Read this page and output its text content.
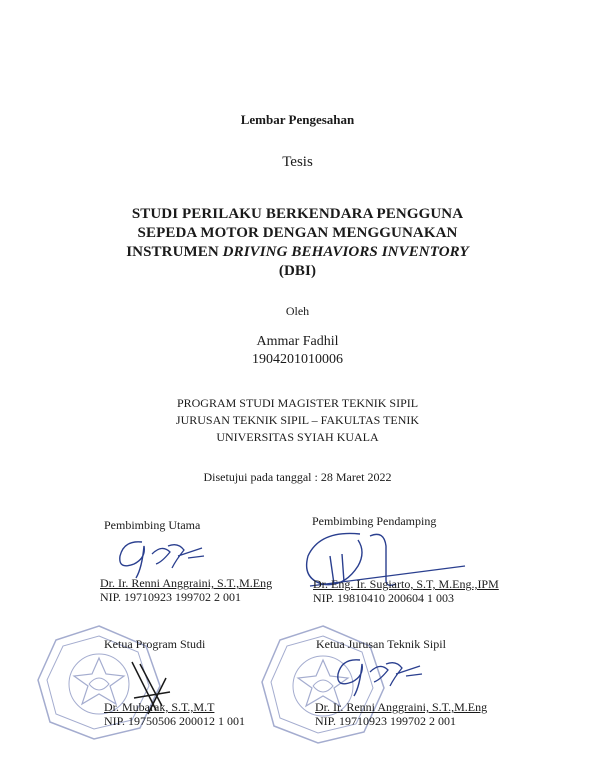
Lembar Pengesahan
Tesis
STUDI PERILAKU BERKENDARA PENGGUNA
SEPEDA MOTOR DENGAN MENGGUNAKAN
INSTRUMEN DRIVING BEHAVIORS INVENTORY
(DBI)
Oleh
Ammar Fadhil
1904201010006
PROGRAM STUDI MAGISTER TEKNIK SIPIL
JURUSAN TEKNIK SIPIL – FAKULTAS TENIK
UNIVERSITAS SYIAH KUALA
Disetujui pada tanggal : 28 Maret 2022
Pembimbing Utama
Dr. Ir. Renni Anggraini, S.T.,M.Eng
NIP. 19710923 199702 2 001
Pembimbing Pendamping
Dr. Eng. Ir. Sugiarto, S.T, M.Eng.,IPM
NIP. 19810410 200604 1 003
Ketua Program Studi
Dr. Mubarak, S.T.,M.T
NIP. 19750506 200012 1 001
Ketua Jurusan Teknik Sipil
Dr. Ir. Renni Anggraini, S.T.,M.Eng
NIP. 19710923 199702 2 001
